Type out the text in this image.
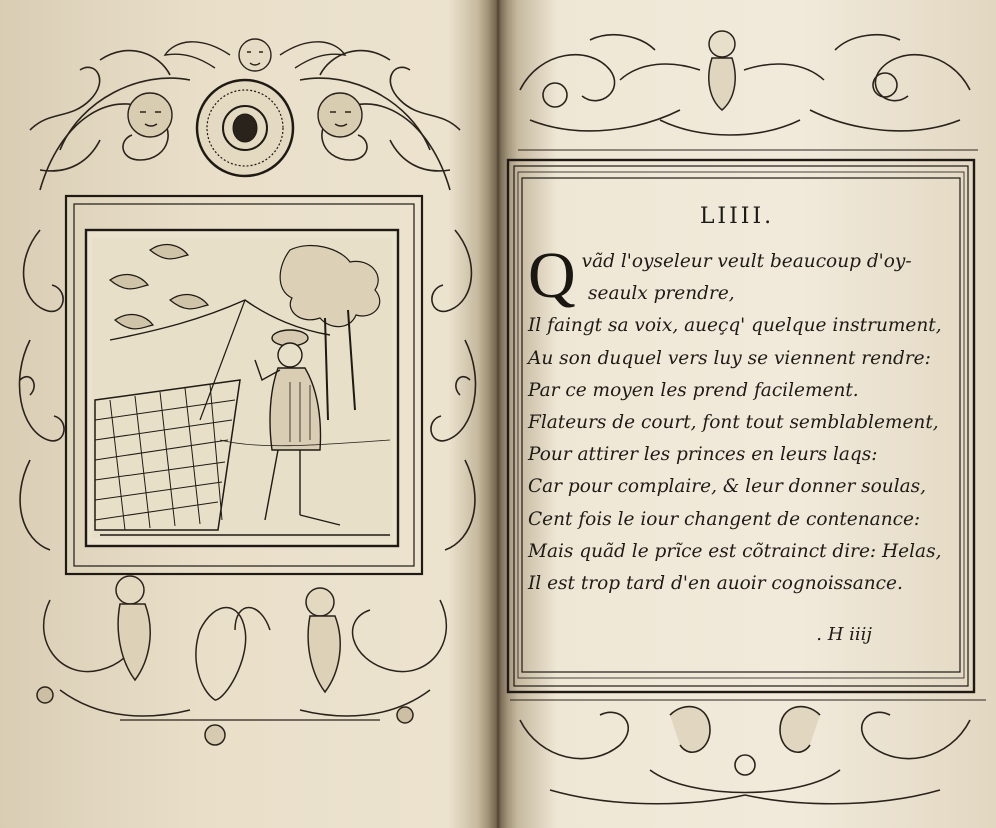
LIIII.
Qvãd l'oyseleur veult beaucoup d'oy-
seaulx prendre,
Il faingt sa voix, aueçq' quelque instrument,
Au son duquel vers luy se viennent rendre:
Par ce moyen les prend facilement.
Flateurs de court, font tout semblablement,
Pour attirer les princes en leurs laqs:
Car pour complaire, & leur donner soulas,
Cent fois le iour changent de contenance:
Mais quãd le prĩce est cõtrainct dire: Helas,
Il est trop tard d'en auoir cognoissance.
. H iiij
